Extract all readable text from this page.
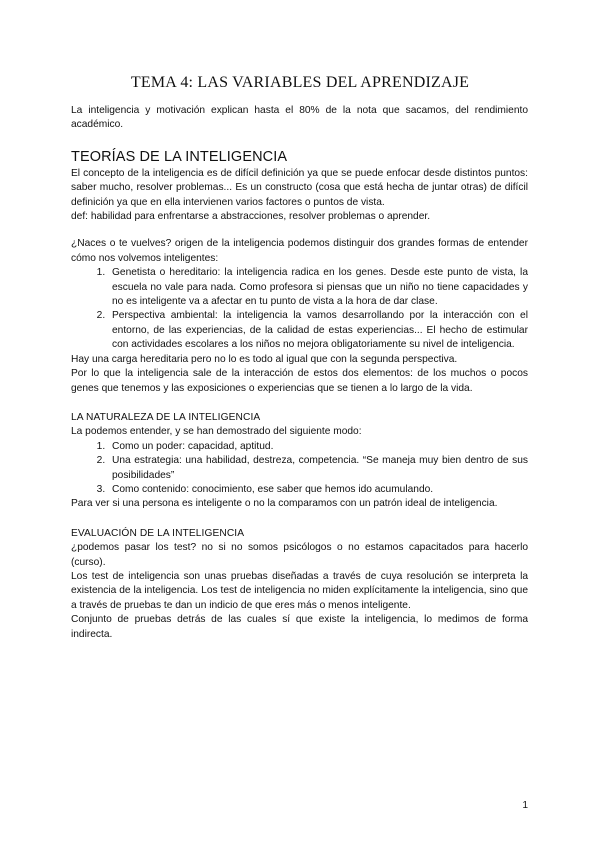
TEMA 4: LAS VARIABLES DEL APRENDIZAJE

La inteligencia y motivación explican hasta el 80% de la nota que sacamos, del rendimiento académico.

TEORÍAS DE LA INTELIGENCIA

El concepto de la inteligencia es de difícil definición ya que se puede enfocar desde distintos puntos: saber mucho, resolver problemas... Es un constructo (cosa que está hecha de juntar otras) de difícil definición ya que en ella intervienen varios factores o puntos de vista.

def: habilidad para enfrentarse a abstracciones, resolver problemas o aprender.

¿Naces o te vuelves? origen de la inteligencia podemos distinguir dos grandes formas de entender cómo nos volvemos inteligentes:

1. Genetista o hereditario: la inteligencia radica en los genes. Desde este punto de vista, la escuela no vale para nada. Como profesora si piensas que un niño no tiene capacidades y no es inteligente va a afectar en tu punto de vista a la hora de dar clase.
2. Perspectiva ambiental: la inteligencia la vamos desarrollando por la interacción con el entorno, de las experiencias, de la calidad de estas experiencias... El hecho de estimular con actividades escolares a los niños no mejora obligatoriamente su nivel de inteligencia.

Hay una carga hereditaria pero no lo es todo al igual que con la segunda perspectiva.

Por lo que la inteligencia sale de la interacción de estos dos elementos: de los muchos o pocos genes que tenemos y las exposiciones o experiencias que se tienen a lo largo de la vida.

LA NATURALEZA DE LA INTELIGENCIA

La podemos entender, y se han demostrado del siguiente modo:

1. Como un poder: capacidad, aptitud.
2. Una estrategia: una habilidad, destreza, competencia. “Se maneja muy bien dentro de sus posibilidades”
3. Como contenido: conocimiento, ese saber que hemos ido acumulando.

Para ver si una persona es inteligente o no la comparamos con un patrón ideal de inteligencia.

EVALUACIÓN DE LA INTELIGENCIA

¿podemos pasar los test? no si no somos psicólogos o no estamos capacitados para hacerlo (curso).

Los test de inteligencia son unas pruebas diseñadas a través de cuya resolución se interpreta la existencia de la inteligencia. Los test de inteligencia no miden explícitamente la inteligencia, sino que a través de pruebas te dan un indicio de que eres más o menos inteligente.

Conjunto de pruebas detrás de las cuales sí que existe la inteligencia, lo medimos de forma indirecta.

1
